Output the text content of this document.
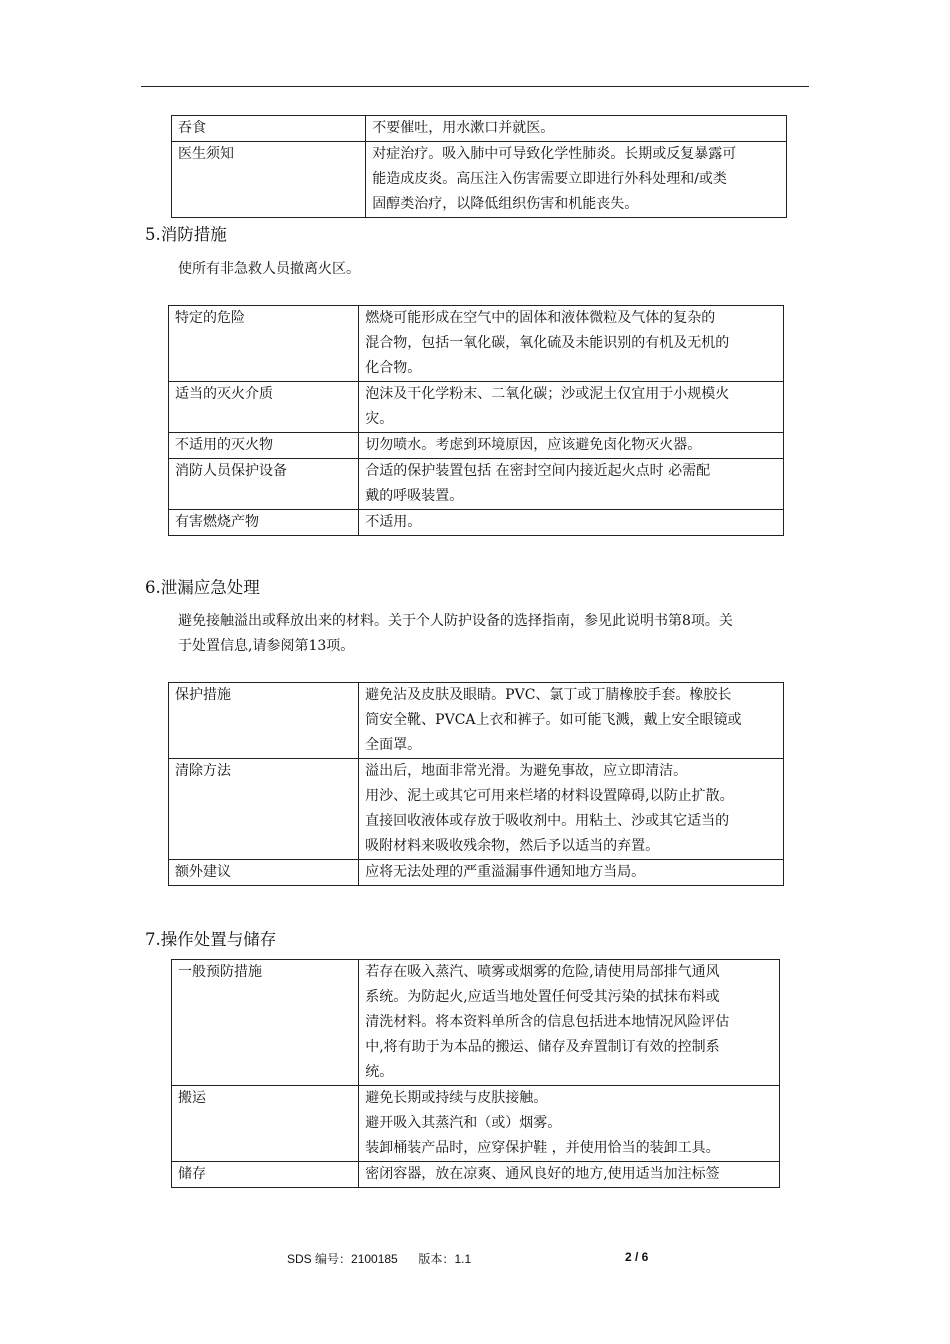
吞食	不要催吐，用水漱口并就医。

医生须知	对症治疗。吸入肺中可导致化学性肺炎。长期或反复暴露可
能造成皮炎。高压注入伤害需要立即进行外科处理和/或类
固醇类治疗，以降低组织伤害和机能丧失。
5.消防措施
使所有非急救人员撤离火区。
特定的危险	燃烧可能形成在空气中的固体和液体微粒及气体的复杂的
混合物，包括一氧化碳，氧化硫及未能识别的有机及无机的
化合物。

适当的灭火介质	泡沫及干化学粉末、二氧化碳；沙或泥土仅宜用于小规模火
灾。

不适用的灭火物	切勿喷水。考虑到环境原因，应该避免卤化物灭火器。

消防人员保护设备	合适的保护装置包括 在密封空间内接近起火点时 必需配
戴的呼吸装置。

有害燃烧产物	不适用。
6.泄漏应急处理
避免接触溢出或释放出来的材料。关于个人防护设备的选择指南，参见此说明书第8项。关
于处置信息,请参阅第13项。
保护措施	避免沾及皮肤及眼睛。PVC、氯丁或丁腈橡胶手套。橡胶长
筒安全靴、PVCA上衣和裤子。如可能飞溅，戴上安全眼镜或
全面罩。

清除方法	溢出后，地面非常光滑。为避免事故，应立即清洁。
用沙、泥土或其它可用来栏堵的材料设置障碍,以防止扩散。
直接回收液体或存放于吸收剂中。用粘土、沙或其它适当的
吸附材料来吸收残余物，然后予以适当的弃置。

额外建议	应将无法处理的严重溢漏事件通知地方当局。
7.操作处置与储存
一般预防措施	若存在吸入蒸汽、喷雾或烟雾的危险,请使用局部排气通风
系统。为防起火,应适当地处置任何受其污染的拭抹布料或
清洗材料。将本资料单所含的信息包括进本地情况风险评估
中,将有助于为本品的搬运、储存及弃置制订有效的控制系
统。

搬运	避免长期或持续与皮肤接触。
避开吸入其蒸汽和（或）烟雾。
装卸桶装产品时，应穿保护鞋 ，并使用恰当的装卸工具。

储存	密闭容器，放在凉爽、通风良好的地方,使用适当加注标签
SDS 编号：2100185 版本：1.1	2 / 6
